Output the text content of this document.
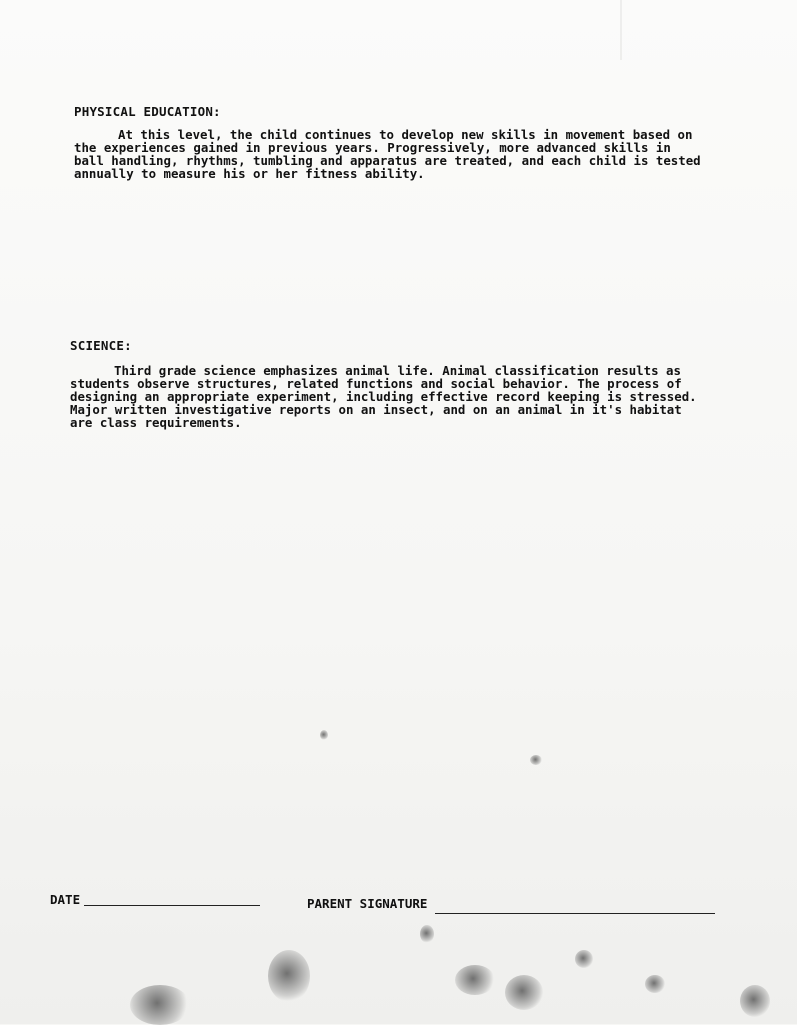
PHYSICAL EDUCATION:

At this level, the child continues to develop new skills in movement based on
the experiences gained in previous years. Progressively, more advanced skills in
ball handling, rhythms, tumbling and apparatus are treated, and each child is tested
annually to measure his or her fitness ability.

SCIENCE:

Third grade science emphasizes animal life. Animal classification results as
students observe structures, related functions and social behavior. The process of
designing an appropriate experiment, including effective record keeping is stressed.
Major written investigative reports on an insect, and on an animal in it's habitat
are class requirements.

DATE	PARENT SIGNATURE
